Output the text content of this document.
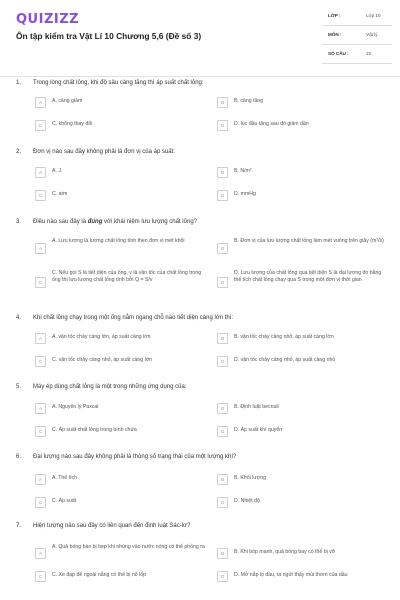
QUIZIZZ
Ôn tập kiểm tra Vật Lí 10 Chương 5,6 (Đề số 3)
LỚP :	Lớp 10
MÔN :	Vật lý
SỐ CÂU :	15
1. Trong lòng chất lỏng, khi độ sâu càng tăng thì áp suất chất lỏng:
A	A. càng giảm	B	B. càng tăng
C	C. không thay đổi	D	D. lúc đầu tăng sau đó giảm dần
2. Đơn vị nào sau đây không phải là đơn vị của áp suất:
A	A. J.	B	B. N/m²
C	C. atm	D	D. mmHg
3. Điều nào sau đây là đúng với khái niệm lưu lượng chất lỏng?
A
A. Lưu lượng là lượng chất lỏng tính theo đơn vị mét khối
B
B. Đơn vị của lưu lượng chất lỏng làm mét vuông trên giây (m²/s)
C
C. Nếu gọi S là tiết diện của ống, v là vận tốc của chất lỏng trong ống thì lưu lượng chất lỏng tính bởi Q = S/v	D
D. Lưu lượng của chất lỏng qua tiết diện S là đại lượng đo bằng thể tích chất lỏng chạy qua S trong một đơn vị thời gian
4. Khi chất lỏng chạy trong một ống nằm ngang chỗ nào tiết diện càng lớn thì:
A	A. vận tốc chảy càng lớn, áp suất càng lớn	B	B. vận tốc chảy càng nhỏ, áp suất càng lớn
C	C. vận tốc chảy càng nhỏ, áp suất càng lớn	D	D. vận tốc chảy càng nhỏ, áp suất càng nhỏ
5. Máy ép dùng chất lỏng là một trong những ứng dụng của:
A	A. Nguyên lý Paxcal	B	B. Định luật becnuli
C	C. Áp suất chất lỏng trong bình chứa	D	D. Áp suất khí quyển
6. Đại lượng nào sau đây không phải là thông số trạng thái của một lượng khí?
A	A. Thể tích	B	B. Khối lượng
C	C. Áp suất	D	D. Nhiệt độ
7. Hiện tượng nào sau đây có liên quan đến định luật Sác-lơ?
A
A. Quả bóng bàn bị bẹp khi nhúng vào nước nóng có thể phồng ra
B	B. Khi bóp mạnh, quả bóng bay có thể bị vỡ
C	C. Xe đạp để ngoài nắng có thể bị nổ lốp	D	D. Mở nắp lọ dầu, ta ngửi thấy mùi thơm của dầu
